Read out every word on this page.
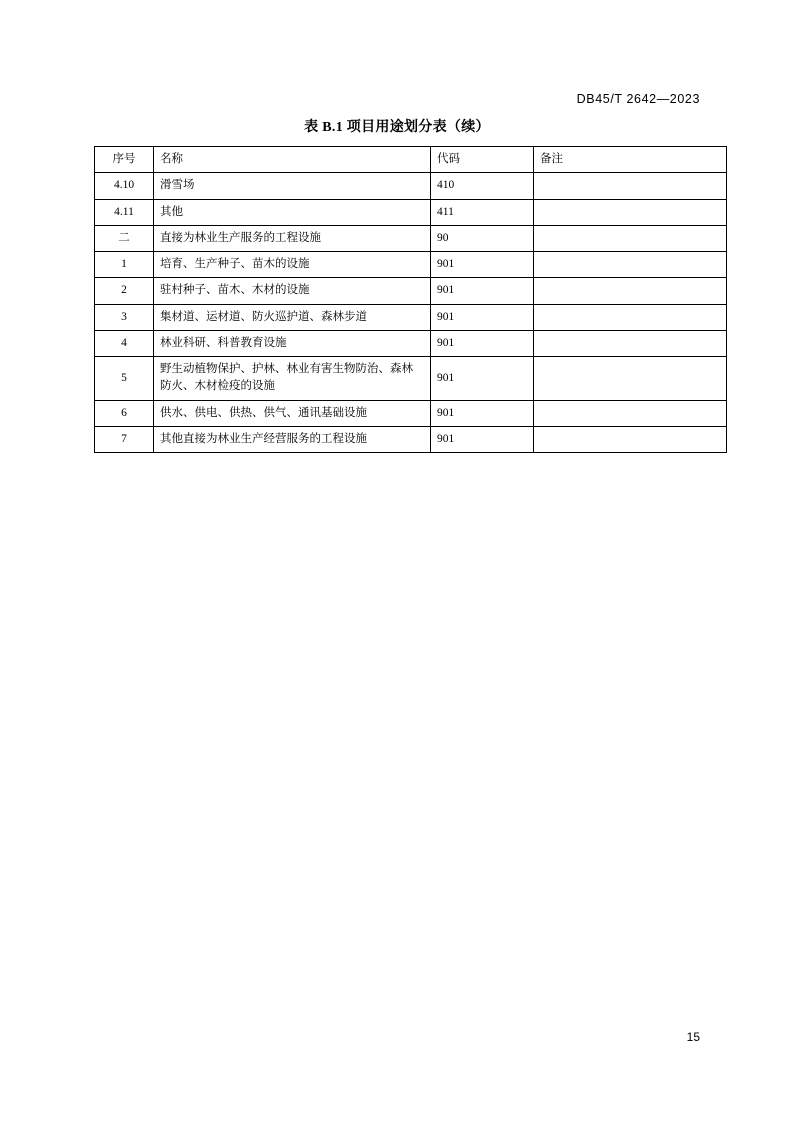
DB45/T 2642—2023
表 B.1 项目用途划分表（续）
序号	名称	代码	备注
4.10	滑雪场	410	
4.11	其他	411	
二	直接为林业生产服务的工程设施	90	
1	培育、生产种子、苗木的设施	901	
2	驻村种子、苗木、木材的设施	901	
3	集材道、运材道、防火巡护道、森林步道	901	
4	林业科研、科普教育设施	901	
5	野生动植物保护、护林、林业有害生物防治、森林防火、木材检疫的设施	901	
6	供水、供电、供热、供气、通讯基础设施	901	
7	其他直接为林业生产经营服务的工程设施	901	
15
